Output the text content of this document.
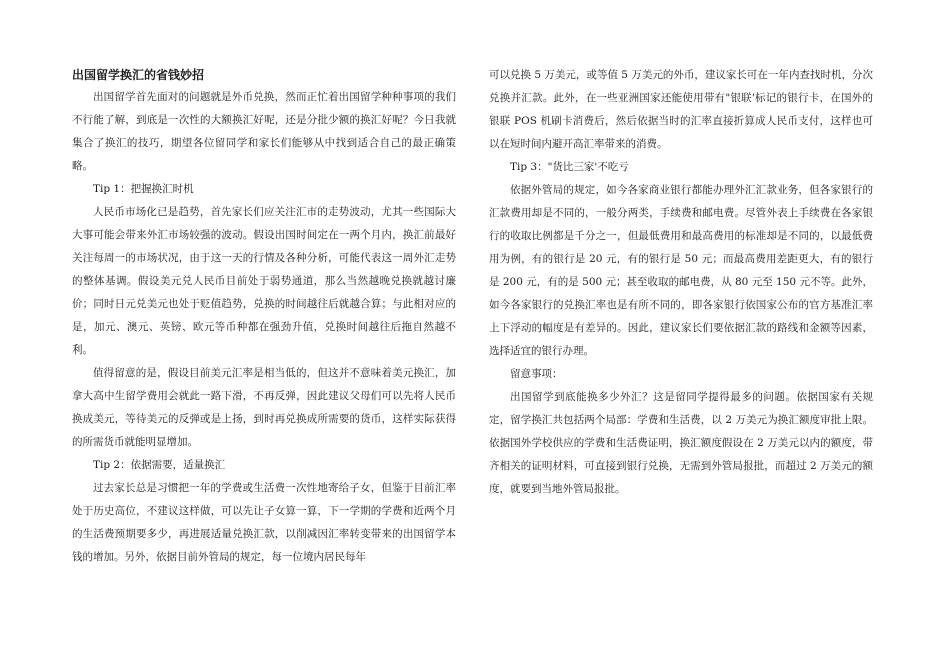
出国留学换汇的省钱妙招

出国留学首先面对的问题就是外币兑换，然而正忙着出国留学种种事项的我们不行能了解，到底是一次性的大额换汇好呢，还是分批少额的换汇好呢？今日我就集合了换汇的技巧，期望各位留同学和家长们能够从中找到适合自己的最正确策略。

Tip 1：把握换汇时机

人民币市场化已是趋势，首先家长们应关注汇市的走势波动，尤其一些国际大大事可能会带来外汇市场较强的波动。假设出国时间定在一两个月内，换汇前最好关注每周一的市场状况，由于这一天的行情及各种分析，可能代表这一周外汇走势的整体基调。假设美元兑人民币目前处于弱势通道，那么当然越晚兑换就越讨廉价；同时日元兑美元也处于贬值趋势，兑换的时间越往后就越合算；与此相对应的是，加元、澳元、英镑、欧元等币种都在强劲升值，兑换时间越往后拖自然越不利。

值得留意的是，假设目前美元汇率是相当低的，但这并不意味着美元换汇，加拿大高中生留学费用会就此一路下滑，不再反弹，因此建议父母们可以先将人民币换成美元，等待美元的反弹或是上扬，到时再兑换成所需要的货币，这样实际获得的所需货币就能明显增加。

Tip 2：依据需要，适量换汇

过去家长总是习惯把一年的学费或生活费一次性地寄给子女，但鉴于目前汇率处于历史高位，不建议这样做，可以先让子女算一算，下一学期的学费和近两个月的生活费预期要多少，再进展适量兑换汇款，以削减因汇率转变带来的出国留学本钱的增加。另外，依据目前外管局的规定，每一位境内居民每年

可以兑换 5 万美元，或等值 5 万美元的外币，建议家长可在一年内查找时机，分次兑换并汇款。此外，在一些亚洲国家还能使用带有"银联'标记的银行卡，在国外的银联 POS 机刷卡消费后，然后依据当时的汇率直接折算成人民币支付，这样也可以在短时间内避开高汇率带来的消费。

Tip 3："货比三家'不吃亏

依据外管局的规定，如今各家商业银行都能办理外汇汇款业务，但各家银行的汇款费用却是不同的，一般分两类，手续费和邮电费。尽管外表上手续费在各家银行的收取比例都是千分之一，但最低费用和最高费用的标准却是不同的，以最低费用为例，有的银行是 20 元，有的银行是 50 元；而最高费用差距更大，有的银行是 200 元，有的是 500 元；甚至收取的邮电费，从 80 元至 150 元不等。此外，如今各家银行的兑换汇率也是有所不同的，即各家银行依国家公布的官方基准汇率上下浮动的幅度是有差异的。因此，建议家长们要依据汇款的路线和金额等因素，选择适宜的银行办理。

留意事项：

出国留学到底能换多少外汇？这是留同学提得最多的问题。依据国家有关规定，留学换汇共包括两个局部：学费和生活费，以 2 万美元为换汇额度审批上限。依据国外学校供应的学费和生活费证明，换汇额度假设在 2 万美元以内的额度，带齐相关的证明材料，可直接到银行兑换，无需到外管局报批，而超过 2 万美元的额度，就要到当地外管局报批。
